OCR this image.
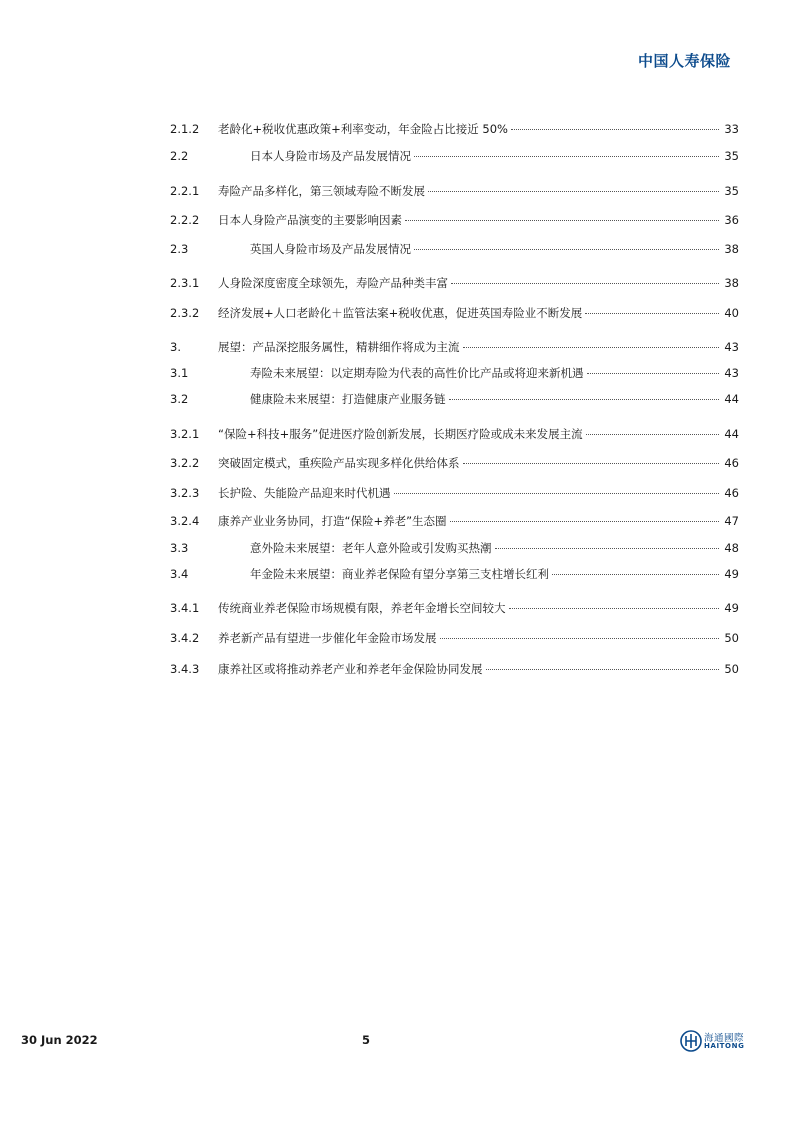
中国人寿保险
2.1.2 老龄化+税收优惠政策+利率变动，年金险占比接近 50%	33
2.2	日本人身险市场及产品发展情况	35
2.2.1 寿险产品多样化，第三领域寿险不断发展	35
2.2.2 日本人身险产品演变的主要影响因素	36
2.3	英国人身险市场及产品发展情况	38
2.3.1 人身险深度密度全球领先，寿险产品种类丰富	38
2.3.2 经济发展+人口老龄化＋监管法案+税收优惠，促进英国寿险业不断发展	40
3.	展望：产品深挖服务属性，精耕细作将成为主流	43
3.1	寿险未来展望：以定期寿险为代表的高性价比产品或将迎来新机遇	43
3.2	健康险未来展望：打造健康产业服务链	44
3.2.1 “保险+科技+服务”促进医疗险创新发展，长期医疗险或成未来发展主流	44
3.2.2 突破固定模式，重疾险产品实现多样化供给体系	46
3.2.3 长护险、失能险产品迎来时代机遇	46
3.2.4 康养产业业务协同，打造“保险+养老”生态圈	47
3.3	意外险未来展望：老年人意外险或引发购买热潮	48
3.4	年金险未来展望：商业养老保险有望分享第三支柱增长红利	49
3.4.1 传统商业养老保险市场规模有限，养老年金增长空间较大	49
3.4.2 养老新产品有望进一步催化年金险市场发展	50
3.4.3 康养社区或将推动养老产业和养老年金保险协同发展	50
30 Jun 2022	5	海通國際
HAITONG
